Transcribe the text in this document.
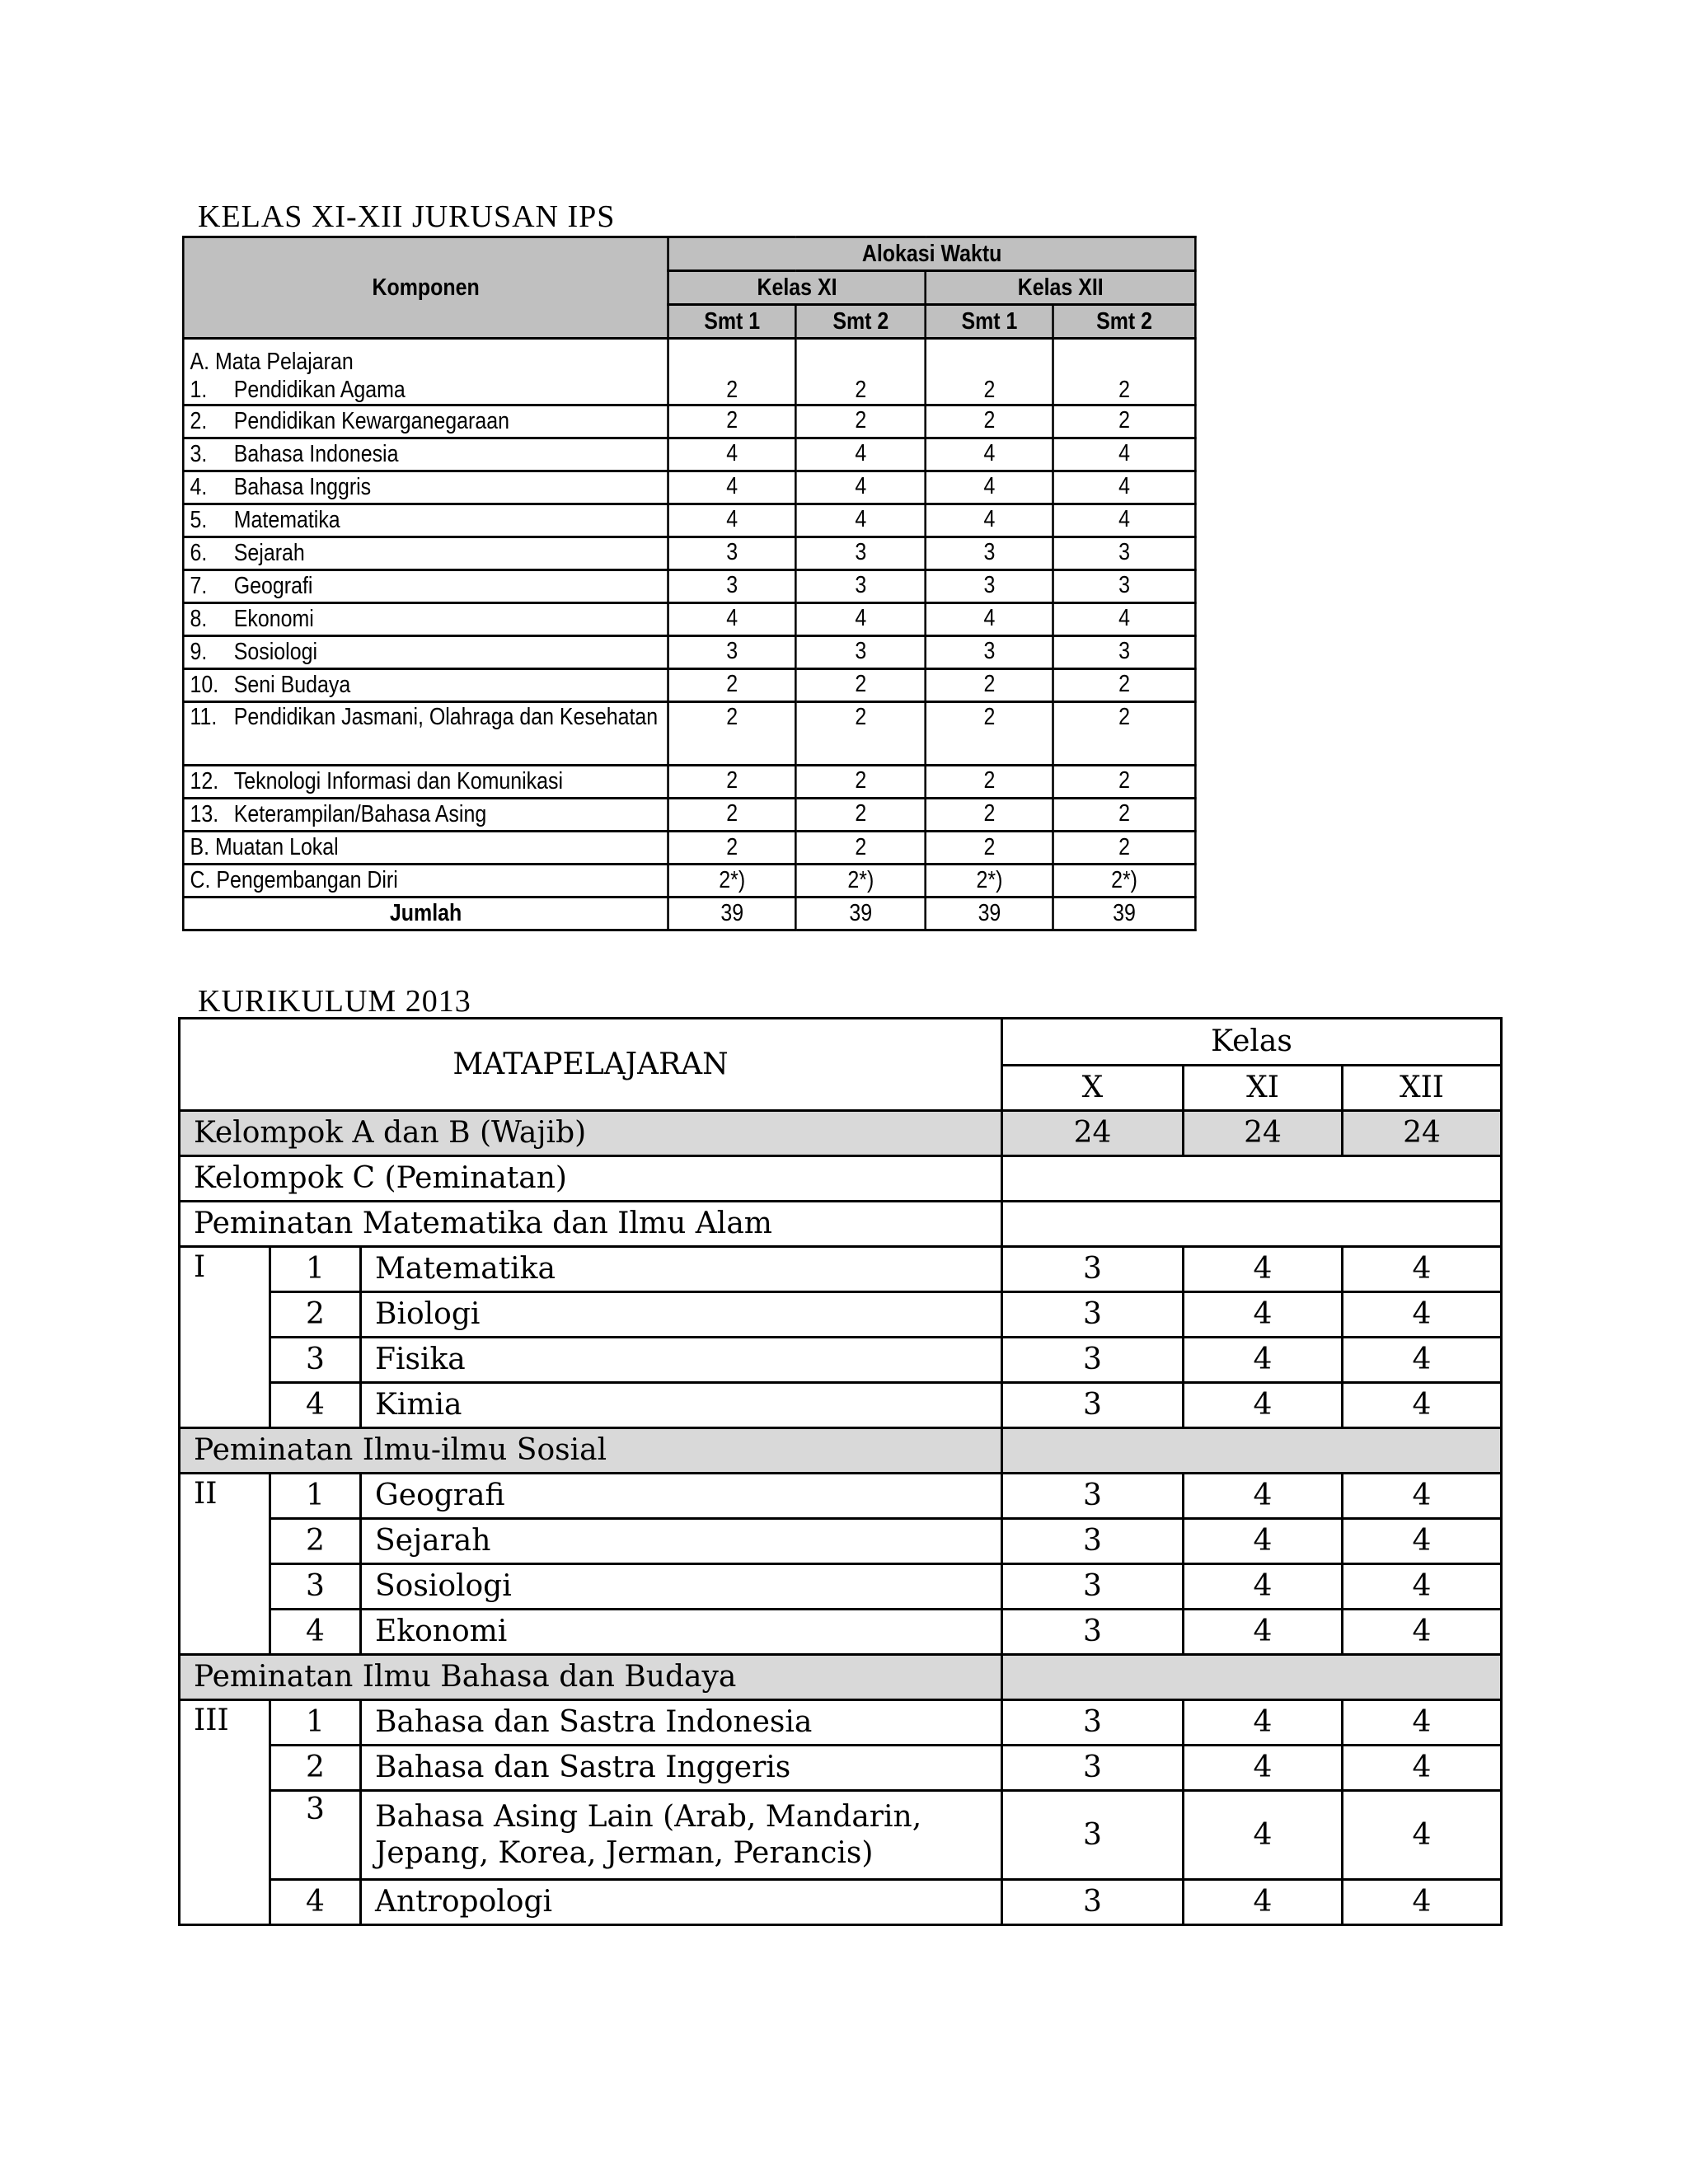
KELAS XI-XII JURUSAN IPS
Komponen	Alokasi Waktu			
	Kelas XI		Kelas XII	
	Smt 1	Smt 2	Smt 1	Smt 2

A. Mata Pelajaran
1. Pendidikan Agama	2	2	2	2
2. Pendidikan Kewarganegaraan	2	2	2	2
3. Bahasa Indonesia	4	4	4	4
4. Bahasa Inggris	4	4	4	4
5. Matematika	4	4	4	4
6. Sejarah	3	3	3	3
7. Geografi	3	3	3	3
8. Ekonomi	4	4	4	4
9. Sosiologi	3	3	3	3
10. Seni Budaya	2	2	2	2

11. Pendidikan Jasmani, Olahraga dan Kesehatan	2	2	2	2
12. Teknologi Informasi dan Komunikasi	2	2	2	2
13. Keterampilan/Bahasa Asing	2	2	2	2
B. Muatan Lokal	2	2	2	2
C. Pengembangan Diri	2*)	2*)	2*)	2*)
Jumlah	39	39	39	39
KURIKULUM 2013
MATAPELAJARAN			Kelas		
			X	XI	XII
Kelompok A dan B (Wajib)			24	24	24
Kelompok C (Peminatan)					
Peminatan Matematika dan Ilmu Alam					
I	1	Matematika	3	4	4
	2	Biologi	3	4	4
	3	Fisika	3	4	4
	4	Kimia	3	4	4
Peminatan Ilmu-ilmu Sosial					
II	1	Geografi	3	4	4
	2	Sejarah	3	4	4
	3	Sosiologi	3	4	4
	4	Ekonomi	3	4	4
Peminatan Ilmu Bahasa dan Budaya					
III	1	Bahasa dan Sastra Indonesia	3	4	4
	2	Bahasa dan Sastra Inggeris	3	4	4
	3	Bahasa Asing Lain (Arab, Mandarin, Jepang, Korea, Jerman, Perancis)	3	4	4
	4	Antropologi	3	4	4
